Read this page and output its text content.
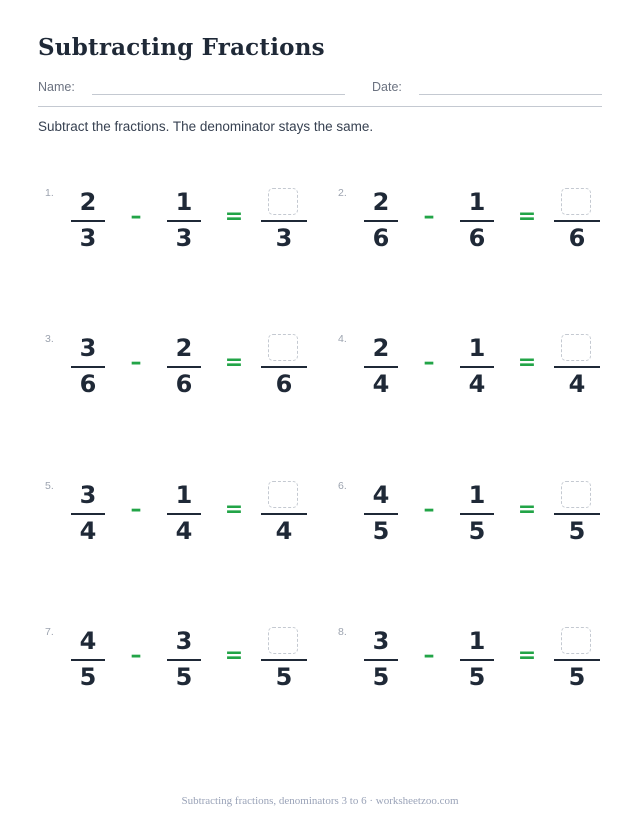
Subtracting Fractions
Name:	Date:
Subtract the fractions. The denominator stays the same.
1.	2
3
–
1
3
=
3
2.	2
6
–
1
6
=
6
3.	3
6
–
2
6
=
6
4.	2
4
–
1
4
=
4
5.	3
4
–
1
4
=
4
6.	4
5
–
1
5
=
5
7.	4
5
–
3
5
=
5
8.	3
5
–
1
5
=
5
Subtracting fractions, denominators 3 to 6 · worksheetzoo.com
